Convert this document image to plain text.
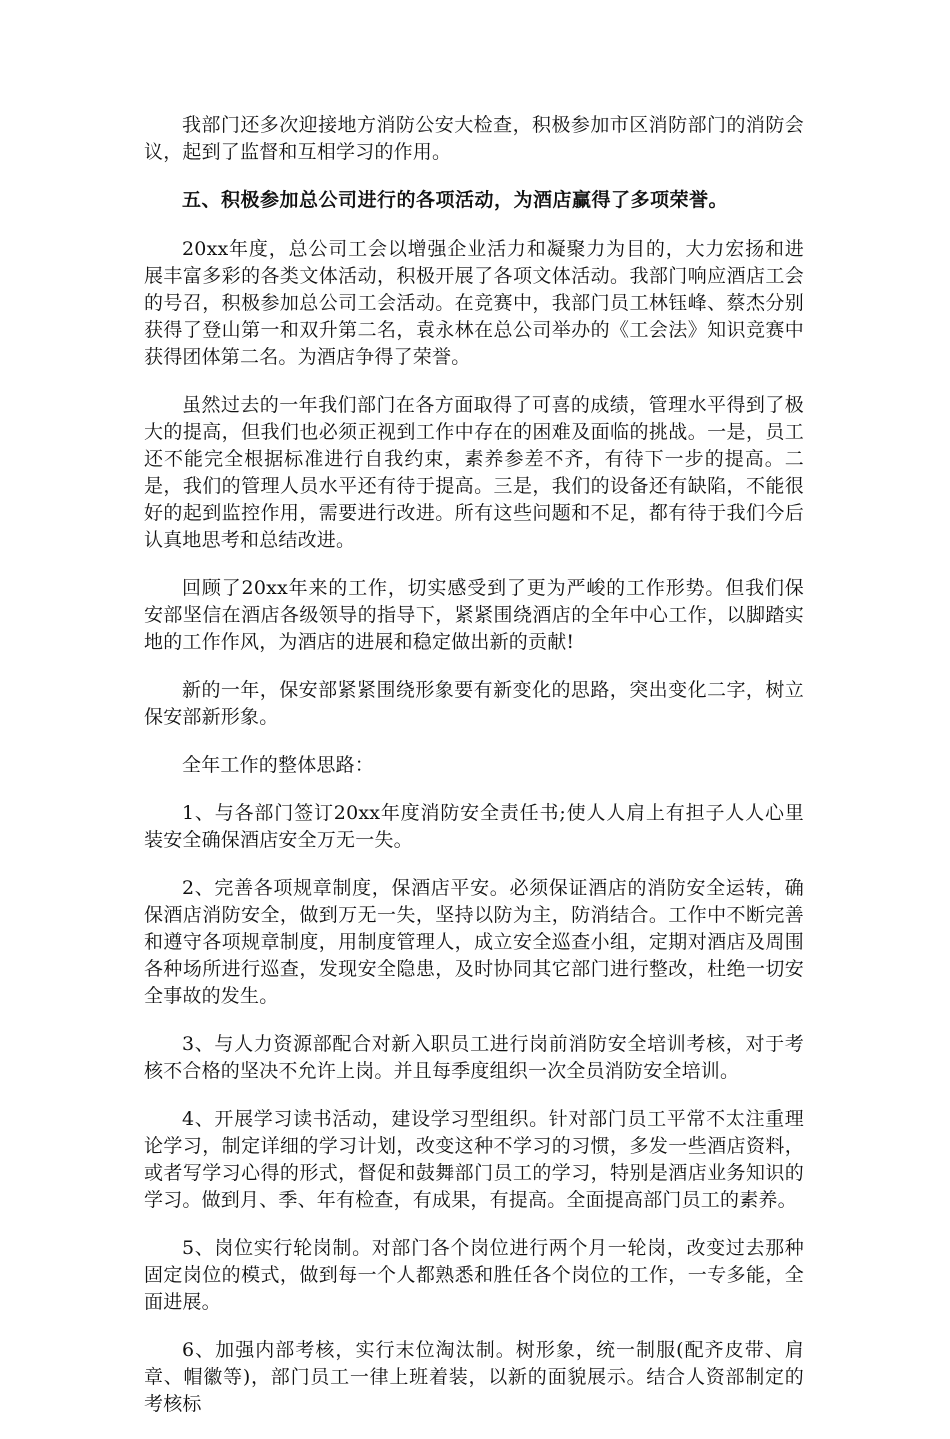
我部门还多次迎接地方消防公安大检查，积极参加市区消防部门的消防会议，起到了监督和互相学习的作用。

五、积极参加总公司进行的各项活动，为酒店赢得了多项荣誉。

20xx年度，总公司工会以增强企业活力和凝聚力为目的，大力宏扬和进展丰富多彩的各类文体活动，积极开展了各项文体活动。我部门响应酒店工会的号召，积极参加总公司工会活动。在竞赛中，我部门员工林钰峰、蔡杰分别获得了登山第一和双升第二名，袁永林在总公司举办的《工会法》知识竞赛中获得团体第二名。为酒店争得了荣誉。

虽然过去的一年我们部门在各方面取得了可喜的成绩，管理水平得到了极大的提高，但我们也必须正视到工作中存在的困难及面临的挑战。一是，员工还不能完全根据标准进行自我约束，素养参差不齐，有待下一步的提高。二是，我们的管理人员水平还有待于提高。三是，我们的设备还有缺陷，不能很好的起到监控作用，需要进行改进。所有这些问题和不足，都有待于我们今后认真地思考和总结改进。

回顾了20xx年来的工作，切实感受到了更为严峻的工作形势。但我们保安部坚信在酒店各级领导的指导下，紧紧围绕酒店的全年中心工作，以脚踏实地的工作作风，为酒店的进展和稳定做出新的贡献!

新的一年，保安部紧紧围绕形象要有新变化的思路，突出变化二字，树立保安部新形象。

全年工作的整体思路：

1、与各部门签订20xx年度消防安全责任书;使人人肩上有担子人人心里装安全确保酒店安全万无一失。

2、完善各项规章制度，保酒店平安。必须保证酒店的消防安全运转，确保酒店消防安全，做到万无一失，坚持以防为主，防消结合。工作中不断完善和遵守各项规章制度，用制度管理人，成立安全巡查小组，定期对酒店及周围各种场所进行巡查，发现安全隐患，及时协同其它部门进行整改，杜绝一切安全事故的发生。

3、与人力资源部配合对新入职员工进行岗前消防安全培训考核，对于考核不合格的坚决不允许上岗。并且每季度组织一次全员消防安全培训。

4、开展学习读书活动，建设学习型组织。针对部门员工平常不太注重理论学习，制定详细的学习计划，改变这种不学习的习惯，多发一些酒店资料，或者写学习心得的形式，督促和鼓舞部门员工的学习，特别是酒店业务知识的学习。做到月、季、年有检查，有成果，有提高。全面提高部门员工的素养。

5、岗位实行轮岗制。对部门各个岗位进行两个月一轮岗，改变过去那种固定岗位的模式，做到每一个人都熟悉和胜任各个岗位的工作，一专多能，全面进展。

6、加强内部考核，实行末位淘汰制。树形象，统一制服(配齐皮带、肩章、帽徽等)，部门员工一律上班着装，以新的面貌展示。结合人资部制定的考核标
